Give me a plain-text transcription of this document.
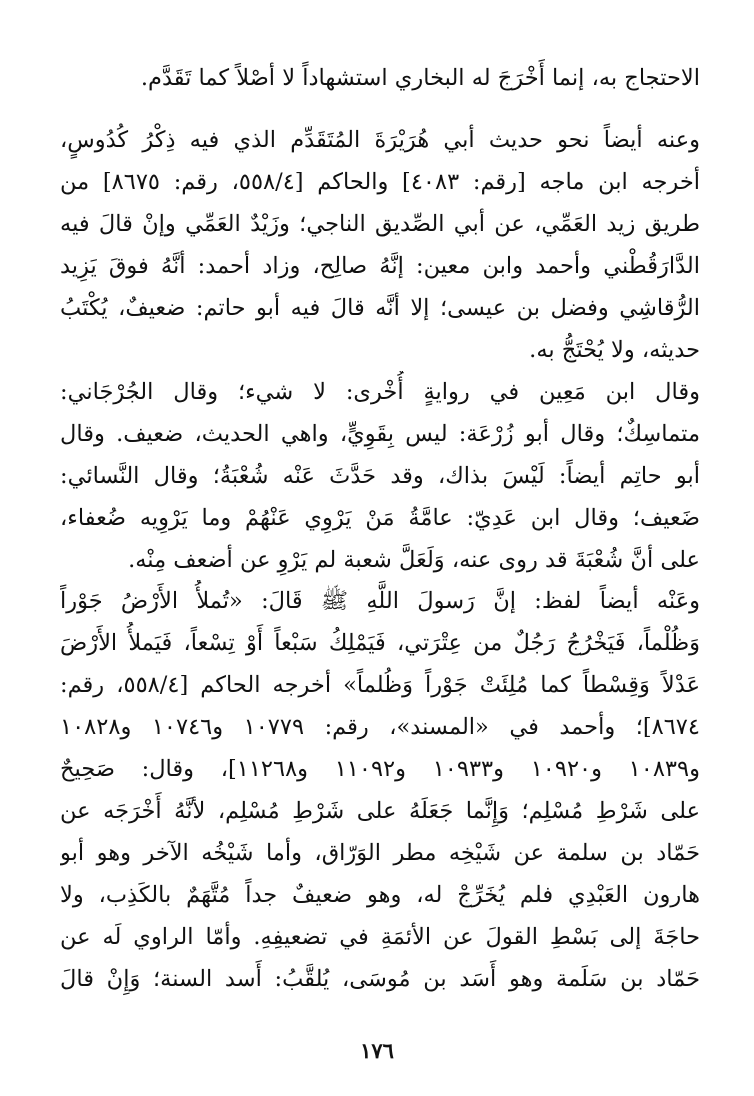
الاحتجاج به، إنما أَخْرَجَ له البخاري استشهاداً لا أصْلاً كما تَقَدَّم.
وعنه أيضاً نحو حديث أبي هُرَيْرَةَ المُتَقَدِّم الذي فيه ذِكْرُ كُدُوسٍ،
أخرجه ابن ماجه [رقم: ٤٠٨٣] والحاكم [٥٥٨/٤، رقم: ٨٦٧٥] من
طريق زيد العَمِّي، عن أبي الصِّديق الناجي؛ وزَيْدٌ العَمِّي وإنْ قالَ فيه
الدَّارَقُطْني وأحمد وابن معين: إنَّهُ صالِح، وزاد أحمد: أنَّهُ فوقَ يَزِيد
الرُّقاشِي وفضل بن عيسى؛ إلا أنَّه قالَ فيه أبو حاتم: ضعيفٌ، يُكْتَبُ
حديثه، ولا يُحْتَجُّ به.
وقال ابن مَعِين في روايةٍ أُخْرى: لا شيء؛ وقال الجُرْجَاني:
متماسِكٌ؛ وقال أبو زُرْعَة: ليس بِقَوِيٍّ، واهي الحديث، ضعيف. وقال
أبو حاتِم أيضاً: لَيْسَ بذاك، وقد حَدَّثَ عَنْه شُعْبَةُ؛ وقال النَّسائي:
ضَعيف؛ وقال ابن عَدِيّ: عامَّةُ مَنْ يَرْوِي عَنْهُمْ وما يَرْوِيه ضُعفاء،
على أنَّ شُعْبَةَ قد روى عنه، وَلَعَلَّ شعبة لم يَرْوِ عن أضعف مِنْه.
وعَنْه أيضاً لفظ: إنَّ رَسولَ اللَّهِ ﷺ قَالَ: «تُملأُ الأَرْضُ جَوْراً
وَظُلْماً، فَيَخْرُجُ رَجُلٌ من عِتْرَتي، فَيَمْلِكُ سَبْعاً أَوْ تِسْعاً، فَيَملأُ الأَرْضَ
عَدْلاً وَقِسْطاً كما مُلِئَتْ جَوْراً وَظُلماً» أخرجه الحاكم [٥٥٨/٤، رقم:
٨٦٧٤]؛ وأحمد في «المسند»، رقم: ١٠٧٧٩ و١٠٧٤٦ و١٠٨٢٨
و١٠٨٣٩ و١٠٩٢٠ و١٠٩٣٣ و١١٠٩٢ و١١٢٦٨]، وقال: صَحِيحٌ
على شَرْطِ مُسْلِم؛ وَإِنَّما جَعَلَهُ على شَرْطِ مُسْلِم، لأنَّهُ أَخْرَجَه عن
حَمّاد بن سلمة عن شَيْخِه مطر الوَرّاق، وأما شَيْخُه الآخر وهو أبو
هارون العَبْدِي فلم يُخَرِّجْ له، وهو ضعيفٌ جداً مُتَّهَمٌ بالكَذِب، ولا
حاجَةَ إلى بَسْطِ القولَ عن الأئمَةِ في تضعيفِهِ. وأمّا الراوي لَه عن
حَمّاد بن سَلَمة وهو أَسَد بن مُوسَى، يُلقَّبُ: أَسد السنة؛ وَإِنْ قالَ
١٧٦
